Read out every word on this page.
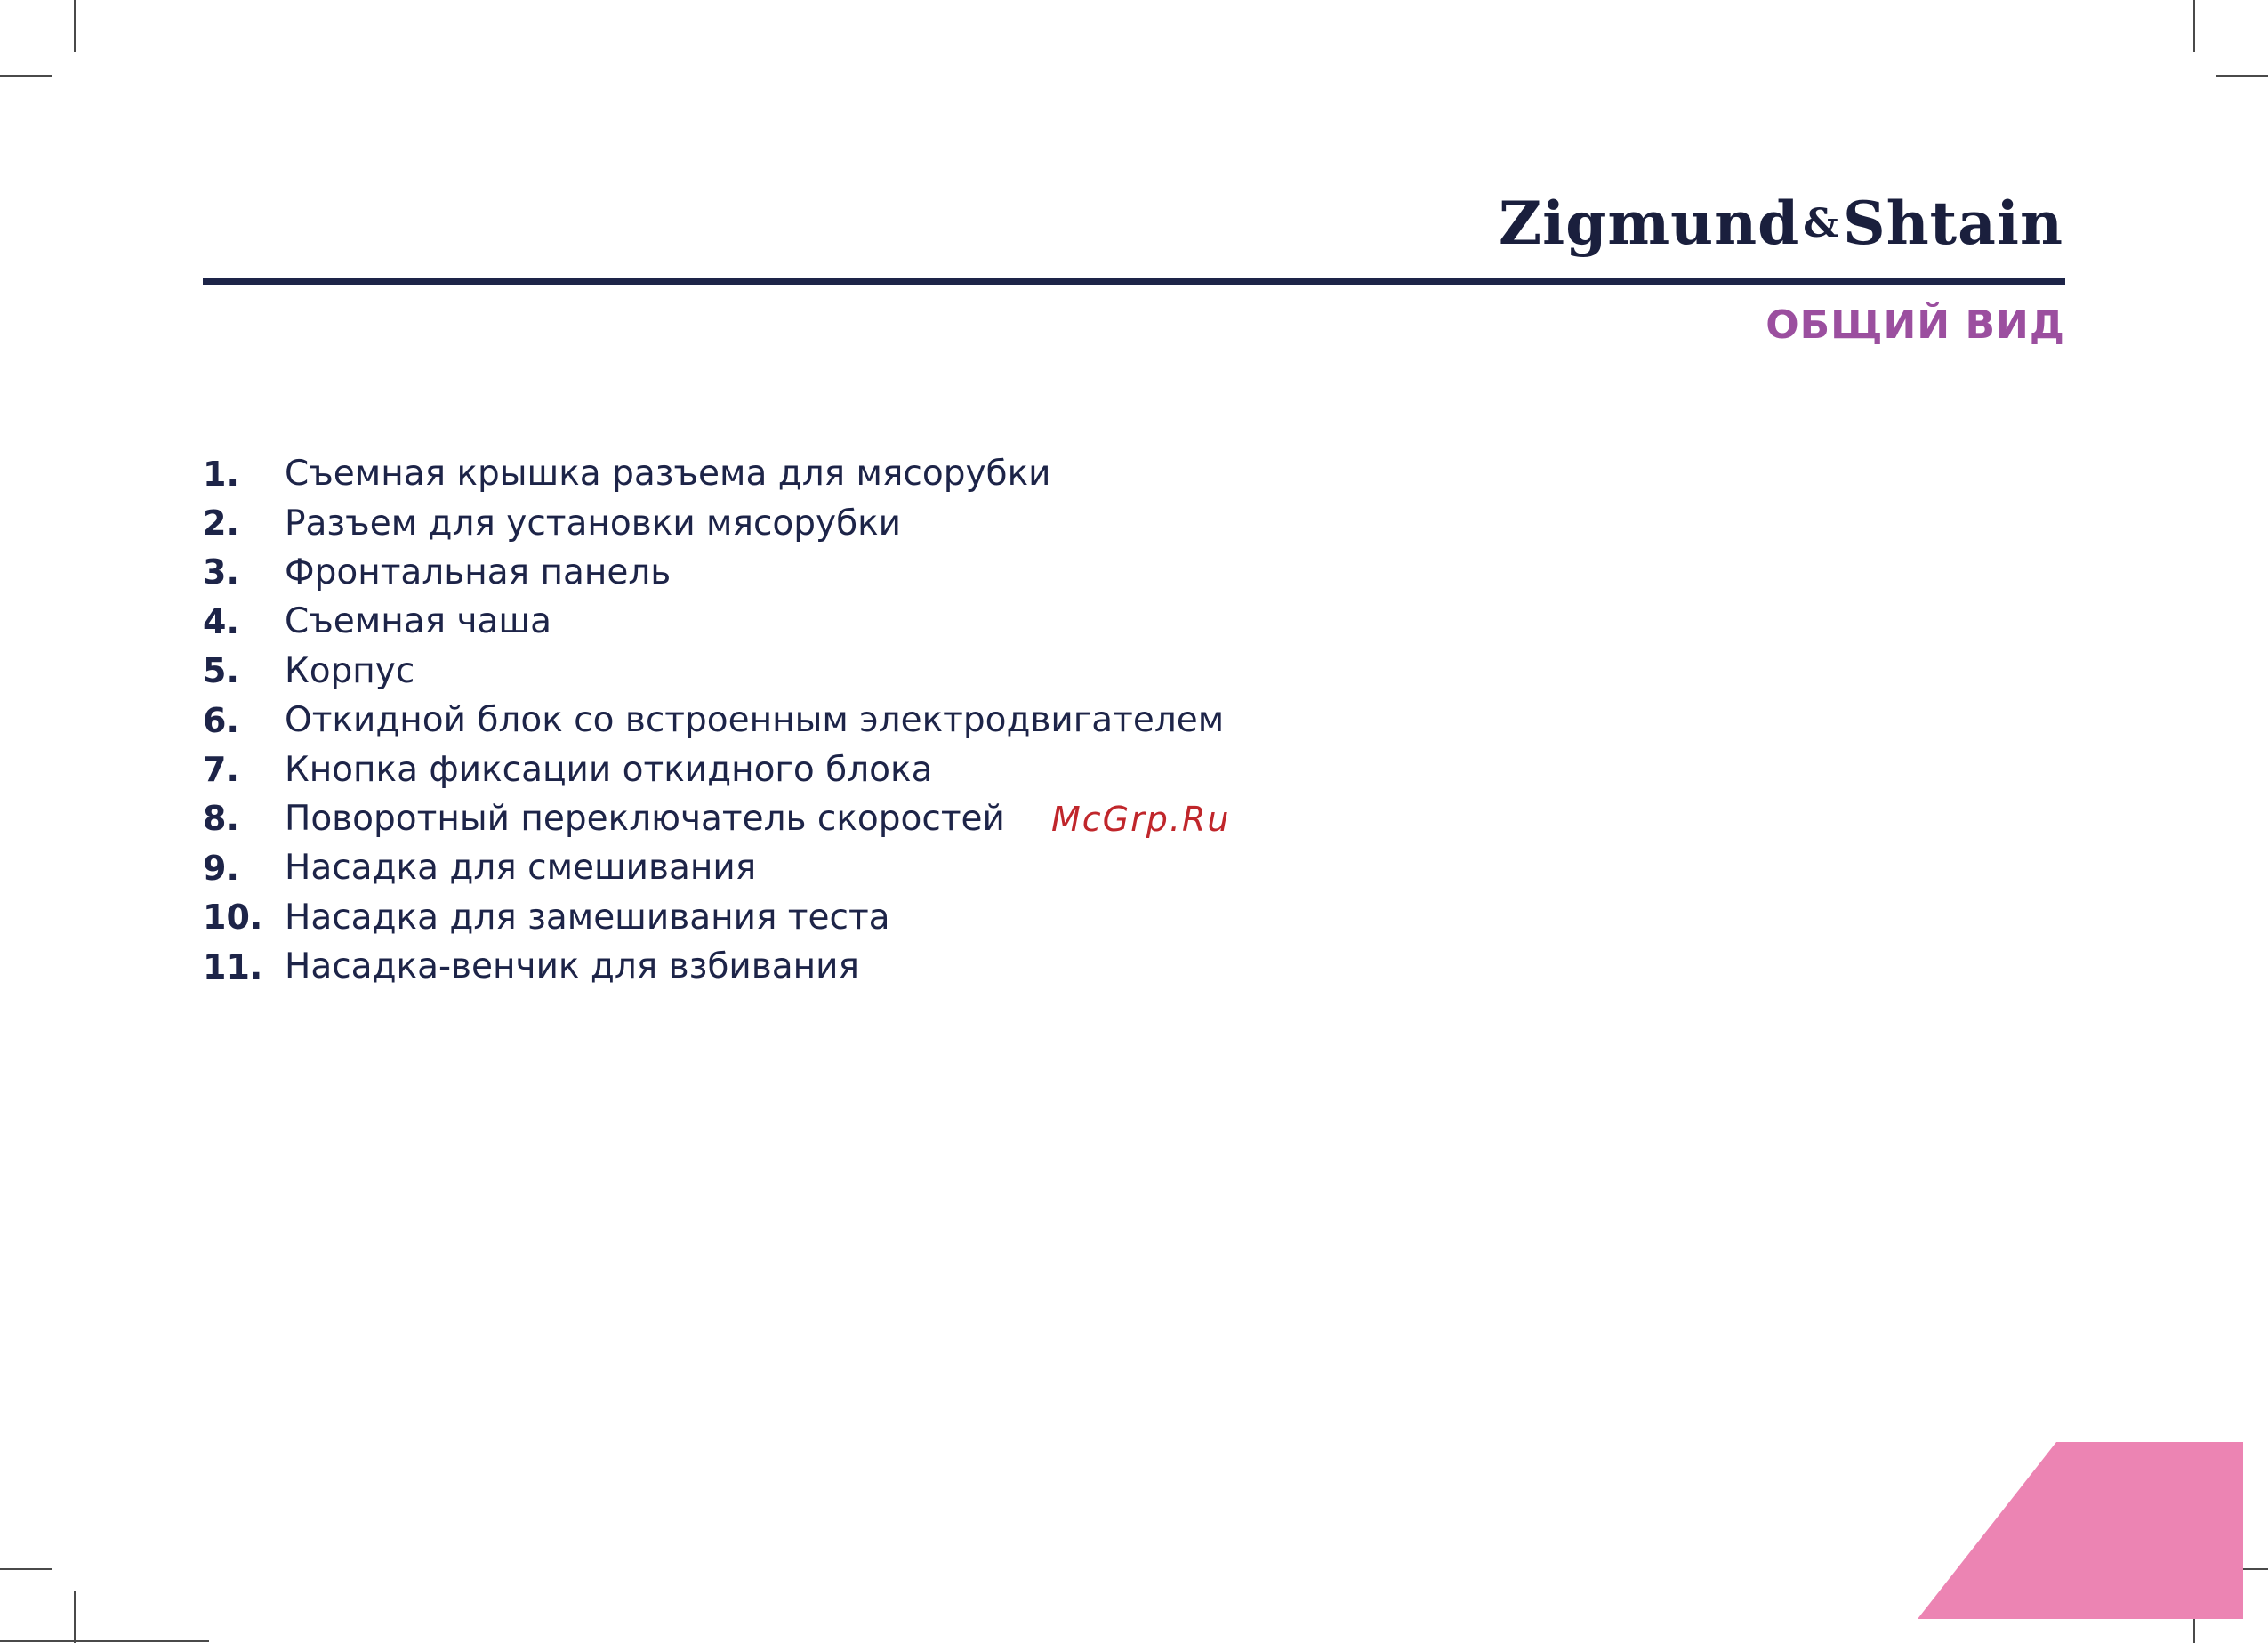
Zigmund&Shtain
ОБЩИЙ ВИД
1.	Съемная крышка разъема для мясорубки
2.	Разъем для установки мясорубки
3.	Фронтальная панель
4.	Съемная чаша
5.	Корпус
6.	Откидной блок со встроенным электродвигателем
7.	Кнопка фиксации откидного блока
8.	Поворотный переключатель скоростей
9.	Насадка для смешивания
10. Насадка для замешивания теста
11. Насадка-венчик для взбивания
McGrp.Ru
